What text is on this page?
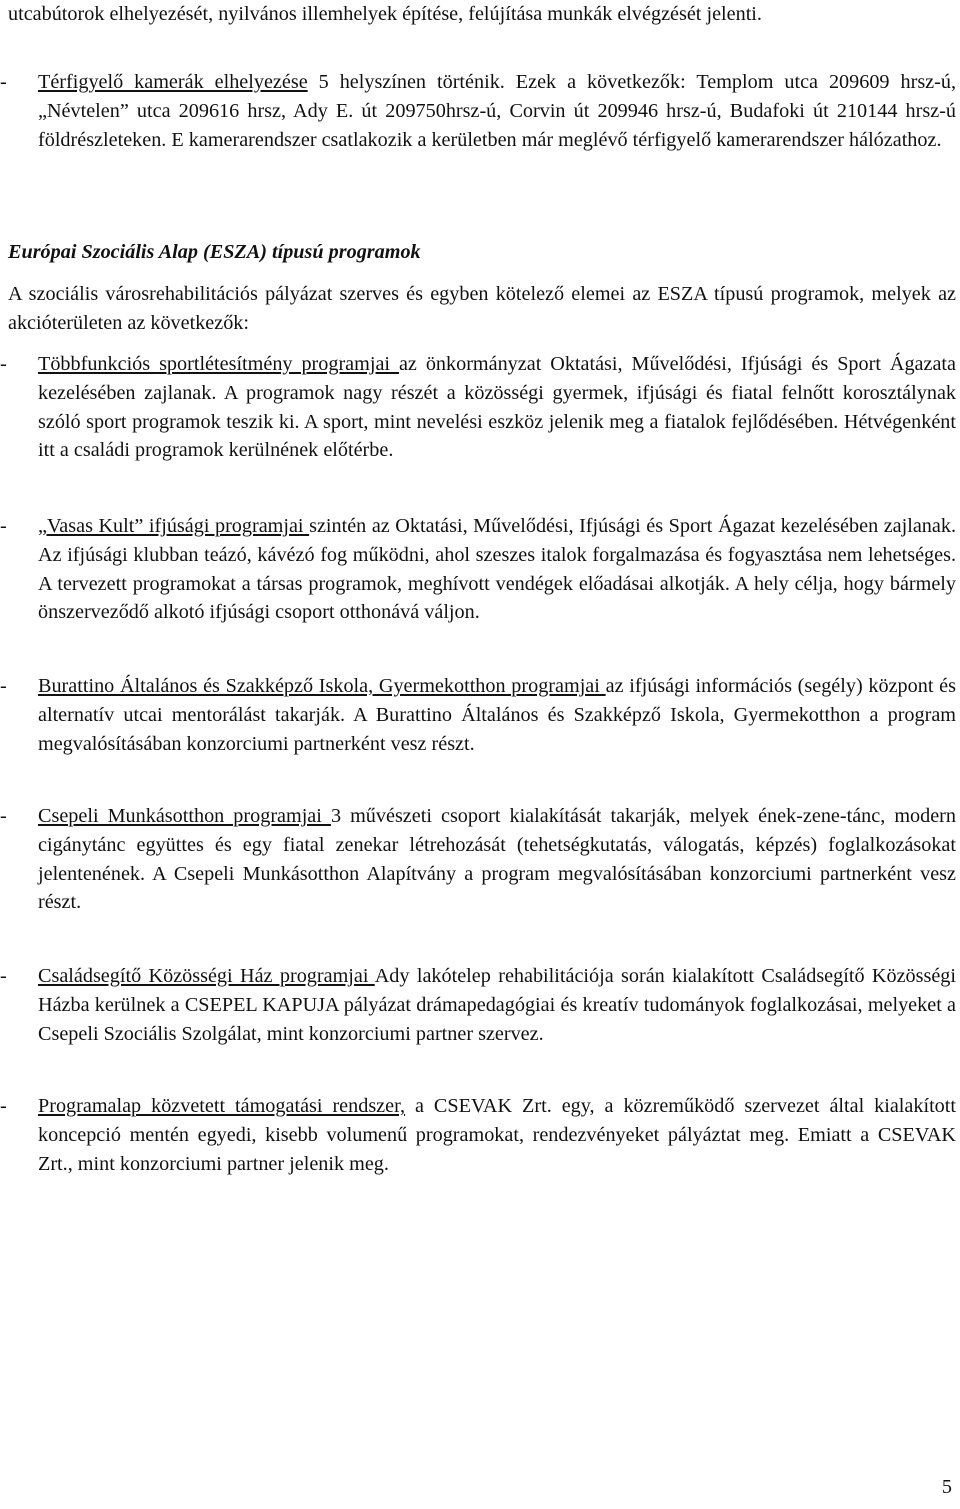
utcabútorok elhelyezését, nyilvános illemhelyek építése, felújítása munkák elvégzését jelenti.
- Térfigyelő kamerák elhelyezése 5 helyszínen történik. Ezek a következők: Templom utca 209609 hrsz-ú, „Névtelen” utca 209616 hrsz, Ady E. út 209750hrsz-ú, Corvin út 209946 hrsz-ú, Budafoki út 210144 hrsz-ú földrészleteken. E kamerarendszer csatlakozik a kerületben már meglévő térfigyelő kamerarendszer hálózathoz.
Európai Szociális Alap (ESZA) típusú programok
A szociális városrehabilitációs pályázat szerves és egyben kötelező elemei az ESZA típusú programok, melyek az akcióterületen az következők:
- Többfunkciós sportlétesítmény programjai az önkormányzat Oktatási, Művelődési, Ifjúsági és Sport Ágazata kezelésében zajlanak. A programok nagy részét a közösségi gyermek, ifjúsági és fiatal felnőtt korosztálynak szóló sport programok teszik ki. A sport, mint nevelési eszköz jelenik meg a fiatalok fejlődésében. Hétvégenként itt a családi programok kerülnének előtérbe.
- „Vasas Kult” ifjúsági programjai szintén az Oktatási, Művelődési, Ifjúsági és Sport Ágazat kezelésében zajlanak. Az ifjúsági klubban teázó, kávézó fog működni, ahol szeszes italok forgalmazása és fogyasztása nem lehetséges. A tervezett programokat a társas programok, meghívott vendégek előadásai alkotják. A hely célja, hogy bármely önszerveződő alkotó ifjúsági csoport otthonává váljon.
- Burattino Általános és Szakképző Iskola, Gyermekotthon programjai az ifjúsági információs (segély) központ és alternatív utcai mentorálást takarják. A Burattino Általános és Szakképző Iskola, Gyermekotthon a program megvalósításában konzorciumi partnerként vesz részt.
- Csepeli Munkásotthon programjai 3 művészeti csoport kialakítását takarják, melyek ének-zene-tánc, modern cigánytánc együttes és egy fiatal zenekar létrehozását (tehetségkutatás, válogatás, képzés) foglalkozásokat jelentenének. A Csepeli Munkásotthon Alapítvány a program megvalósításában konzorciumi partnerként vesz részt.
- Családsegítő Közösségi Ház programjai Ady lakótelep rehabilitációja során kialakított Családsegítő Közösségi Házba kerülnek a CSEPEL KAPUJA pályázat drámapedagógiai és kreatív tudományok foglalkozásai, melyeket a Csepeli Szociális Szolgálat, mint konzorciumi partner szervez.
- Programalap közvetett támogatási rendszer, a CSEVAK Zrt. egy, a közreműködő szervezet által kialakított koncepció mentén egyedi, kisebb volumenű programokat, rendezvényeket pályáztat meg. Emiatt a CSEVAK Zrt., mint konzorciumi partner jelenik meg.
5
